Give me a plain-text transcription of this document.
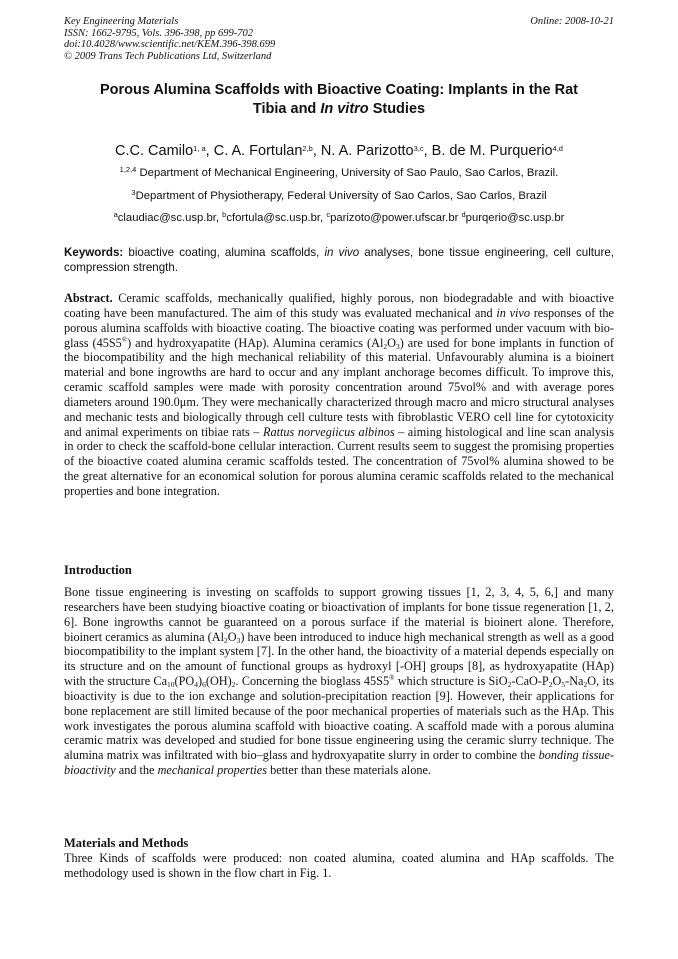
Key Engineering Materials
ISSN: 1662-9795, Vols. 396-398, pp 699-702
doi:10.4028/www.scientific.net/KEM.396-398.699
© 2009 Trans Tech Publications Ltd, Switzerland
Online: 2008-10-21
Porous Alumina Scaffolds with Bioactive Coating: Implants in the Rat
Tibia and In vitro Studies
C.C. Camilo$^{1, a}$, C. A. Fortulan$^{2,b}$, N. A. Parizotto$^{3,c}$, B. de M. Purquerio$^{4,d}$
$^{1,2,4}$ Department of Mechanical Engineering, University of Sao Paulo, Sao Carlos, Brazil.
$^3$Department of Physiotherapy, Federal University of Sao Carlos, Sao Carlos, Brazil
$^a$claudiac@sc.usp.br, $^b$cfortula@sc.usp.br, $^c$parizoto@power.ufscar.br $^d$purqerio@sc.usp.br
Keywords: bioactive coating, alumina scaffolds, in vivo analyses, bone tissue engineering, cell culture, compression strength.
Abstract. Ceramic scaffolds, mechanically qualified, highly porous, non biodegradable and with bioactive coating have been manufactured. The aim of this study was evaluated mechanical and in vivo responses of the porous alumina scaffolds with bioactive coating. The bioactive coating was performed under vacuum with bio-glass (45S5®) and hydroxyapatite (HAp). Alumina ceramics $(Al_2O_3)$ are used for bone implants in function of the biocompatibility and the high mechanical reliability of this material. Unfavourably alumina is a bioinert material and bone ingrowths are hard to occur and any implant anchorage becomes difficult. To improve this, ceramic scaffold samples were made with porosity concentration around 75vol% and with average pores diameters around 190.0μm. They were mechanically characterized through macro and micro structural analyses and mechanic tests and biologically through cell culture tests with fibroblastic VERO cell line for cytotoxicity and animal experiments on tibiae rats – Rattus norvegiicus albinos – aiming histological and line scan analysis in order to check the scaffold-bone cellular interaction. Current results seem to suggest the promising properties of the bioactive coated alumina ceramic scaffolds tested. The concentration of 75vol% alumina showed to be the great alternative for an economical solution for porous alumina ceramic scaffolds related to the mechanical properties and bone integration.
Introduction
Bone tissue engineering is investing on scaffolds to support growing tissues [1, 2, 3, 4, 5, 6,] and many researchers have been studying bioactive coating or bioactivation of implants for bone tissue regeneration [1, 2, 6]. Bone ingrowths cannot be guaranteed on a porous surface if the material is bioinert alone. Therefore, bioinert ceramics as alumina $(Al_2O_3)$ have been introduced to induce high mechanical strength as well as a good biocompatibility to the implant system [7]. In the other hand, the bioactivity of a material depends especially on its structure and on the amount of functional groups as hydroxyl [-OH] groups [8], as hydroxyapatite (HAp) with the structure $Ca_{10}(PO_4)_6(OH)_2$. Concerning the bioglass 45S5® which structure is $SiO_2-CaO-P_2O_5-Na_2O$, its bioactivity is due to the ion exchange and solution-precipitation reaction [9]. However, their applications for bone replacement are still limited because of the poor mechanical properties of materials such as the HAp. This work investigates the porous alumina scaffold with bioactive coating. A scaffold made with a porous alumina ceramic matrix was developed and studied for bone tissue engineering using the ceramic slurry technique. The alumina matrix was infiltrated with bio–glass and hydroxyapatite slurry in order to combine the bonding tissue-bioactivity and the mechanical properties better than these materials alone.
Materials and Methods
Three Kinds of scaffolds were produced: non coated alumina, coated alumina and HAp scaffolds. The methodology used is shown in the flow chart in Fig. 1.
